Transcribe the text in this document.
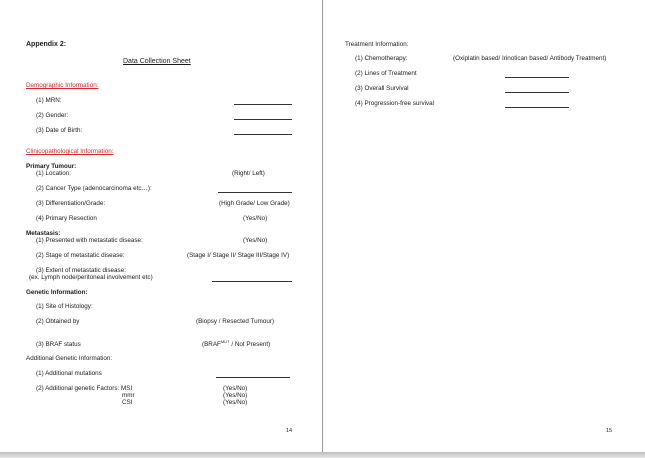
Appendix 2:
Data Collection Sheet
Demographic Information:
(1) MRN:
(2) Gender:
(3) Date of Birth:
Clinicopathological Information:
Primary Tumour:
(1) Location:	(Right/ Left)
(2) Cancer Type (adenocarcinoma etc…):
(3) Differentiation/Grade:	(High Grade/ Low Grade)
(4) Primary Resection	(Yes/No)
Metastasis:
(1) Presented with metastatic disease:	(Yes/No)
(2) Stage of metastatic disease:	(Stage I/ Stage II/ Stage III/Stage IV)
(3) Extent of metastatic disease:
(ex. Lymph node/peritoneal involvement etc)
Genetic Information:
(1) Site of Histology:
(2) Obtained by	(Biopsy / Resected Tumour)
(3) BRAF status	($BRAF^{MUT}$ / Not Present)
Additional Genetic Information:
(1) Additional mutations
(2) Additional genetic Factors: MSI	(Yes/No)
mmr	(Yes/No)
CSI	(Yes/No)
14
Treatment Information:
(1) Chemotherapy:	(Oxiplatin based/ Irinotican based/ Antibody Treatment)
(2) Lines of Treatment
(3) Overall Survival
(4) Progression-free survival
15
